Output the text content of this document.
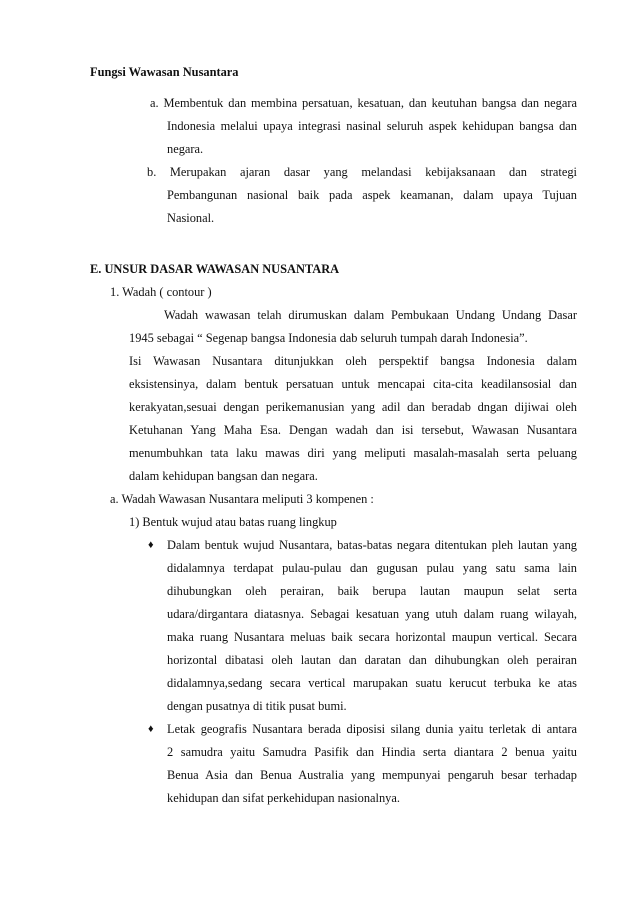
Fungsi Wawasan Nusantara
a. Membentuk dan membina persatuan, kesatuan, dan keutuhan bangsa dan negara
Indonesia melalui upaya integrasi nasinal seluruh aspek kehidupan bangsa dan
negara.
b. Merupakan ajaran dasar yang melandasi kebijaksanaan dan strategi
Pembangunan nasional baik pada aspek keamanan, dalam upaya Tujuan
Nasional.
E. UNSUR DASAR WAWASAN NUSANTARA
1. Wadah ( contour )
Wadah wawasan telah dirumuskan dalam Pembukaan Undang Undang Dasar
1945 sebagai “ Segenap bangsa Indonesia dab seluruh tumpah darah Indonesia”.
Isi Wawasan Nusantara ditunjukkan oleh perspektif bangsa Indonesia dalam
eksistensinya, dalam bentuk persatuan untuk mencapai cita-cita keadilansosial dan
kerakyatan,sesuai dengan perikemanusian yang adil dan beradab dngan dijiwai oleh
Ketuhanan Yang Maha Esa. Dengan wadah dan isi tersebut, Wawasan Nusantara
menumbuhkan tata laku mawas diri yang meliputi masalah-masalah serta peluang
dalam kehidupan bangsan dan negara.
a. Wadah Wawasan Nusantara meliputi 3 kompenen :
1) Bentuk wujud atau batas ruang lingkup
♦ Dalam bentuk wujud Nusantara, batas-batas negara ditentukan pleh lautan yang
didalamnya terdapat pulau-pulau dan gugusan pulau yang satu sama lain
dihubungkan oleh perairan, baik berupa lautan maupun selat serta
udara/dirgantara diatasnya. Sebagai kesatuan yang utuh dalam ruang wilayah,
maka ruang Nusantara meluas baik secara horizontal maupun vertical. Secara
horizontal dibatasi oleh lautan dan daratan dan dihubungkan oleh perairan
didalamnya,sedang secara vertical marupakan suatu kerucut terbuka ke atas
dengan pusatnya di titik pusat bumi.
♦ Letak geografis Nusantara berada diposisi silang dunia yaitu terletak di antara
2 samudra yaitu Samudra Pasifik dan Hindia serta diantara 2 benua yaitu
Benua Asia dan Benua Australia yang mempunyai pengaruh besar terhadap
kehidupan dan sifat perkehidupan nasionalnya.
